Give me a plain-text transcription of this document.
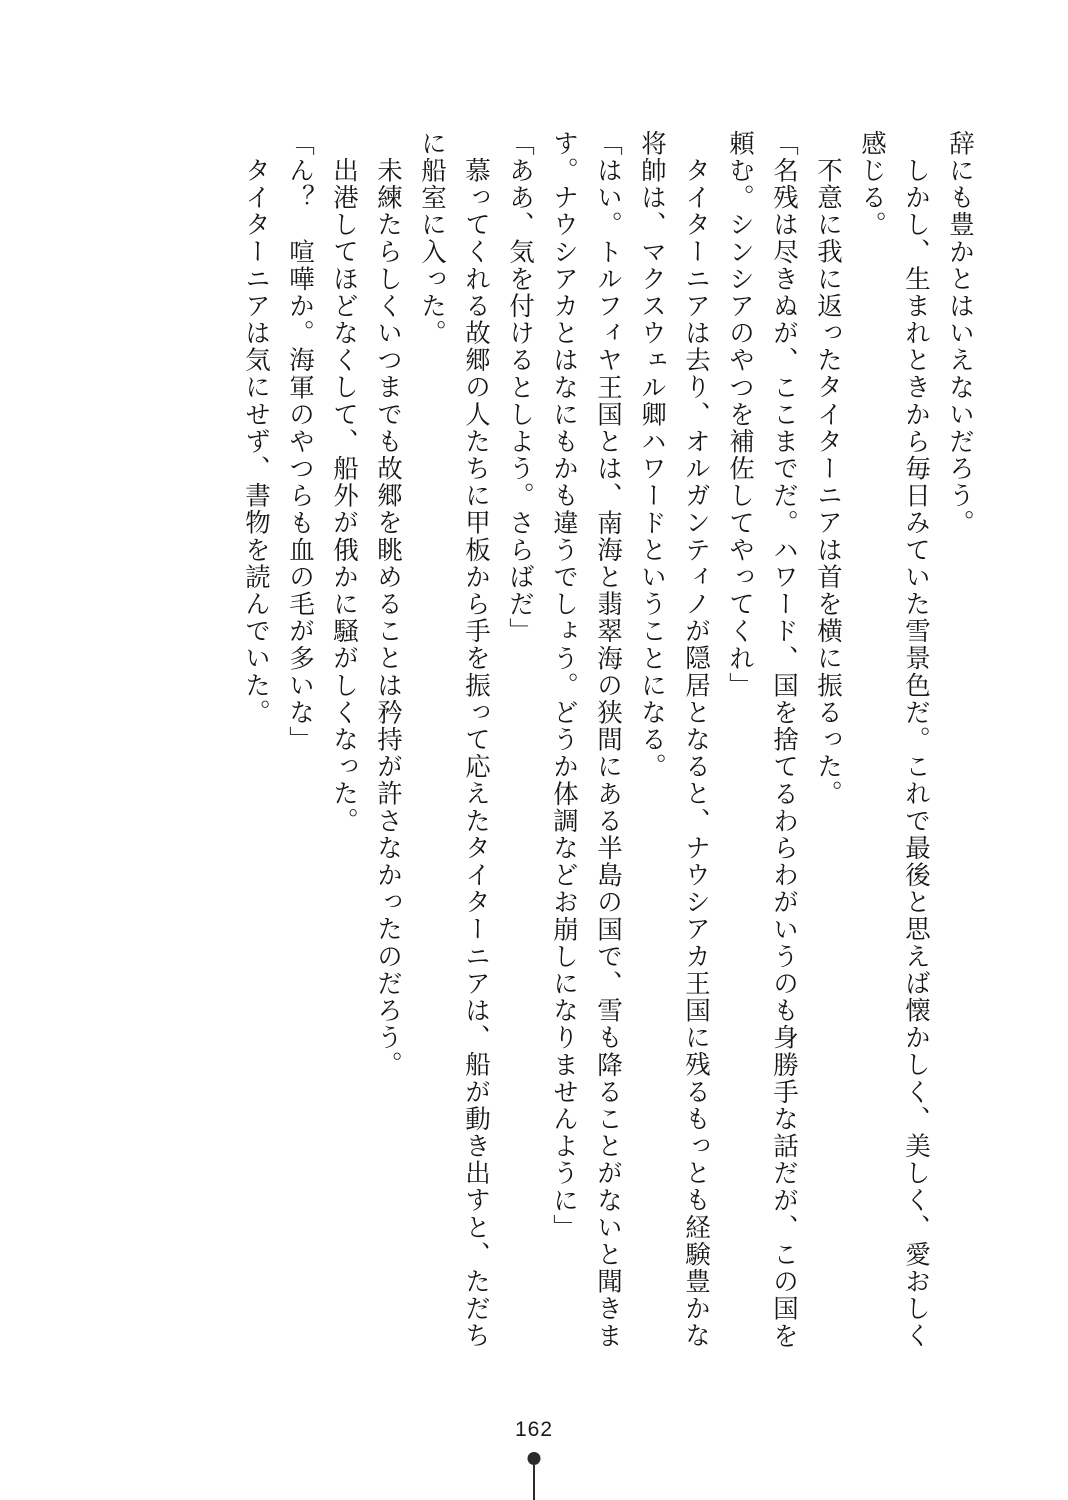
辞にも豊かとはいえないだろう。

しかし、生まれときから毎日みていた雪景色だ。これで最後と思えば懐かしく、美しく、愛おしく感じる。

不意に我に返ったタイターニアは首を横に振るった。

「名残は尽きぬが、ここまでだ。ハワード、国を捨てるわらわがいうのも身勝手な話だが、この国を頼む。シンシアのやつを補佐してやってくれ」

タイターニアは去り、オルガンティノが隠居となると、ナウシアカ王国に残るもっとも経験豊かな将帥は、マクスウェル卿ハワードということになる。

「はい。トルフィヤ王国とは、南海と翡翠海の狭間にある半島の国で、雪も降ることがないと聞きます。ナウシアカとはなにもかも違うでしょう。どうか体調などお崩しになりませんように」

「ああ、気を付けるとしよう。さらばだ」

慕ってくれる故郷の人たちに甲板から手を振って応えたタイターニアは、船が動き出すと、ただちに船室に入った。

未練たらしくいつまでも故郷を眺めることは矜持が許さなかったのだろう。

出港してほどなくして、船外が俄かに騒がしくなった。

「ん？　喧嘩か。海軍のやつらも血の毛が多いな」

タイターニアは気にせず、書物を読んでいた。

162
